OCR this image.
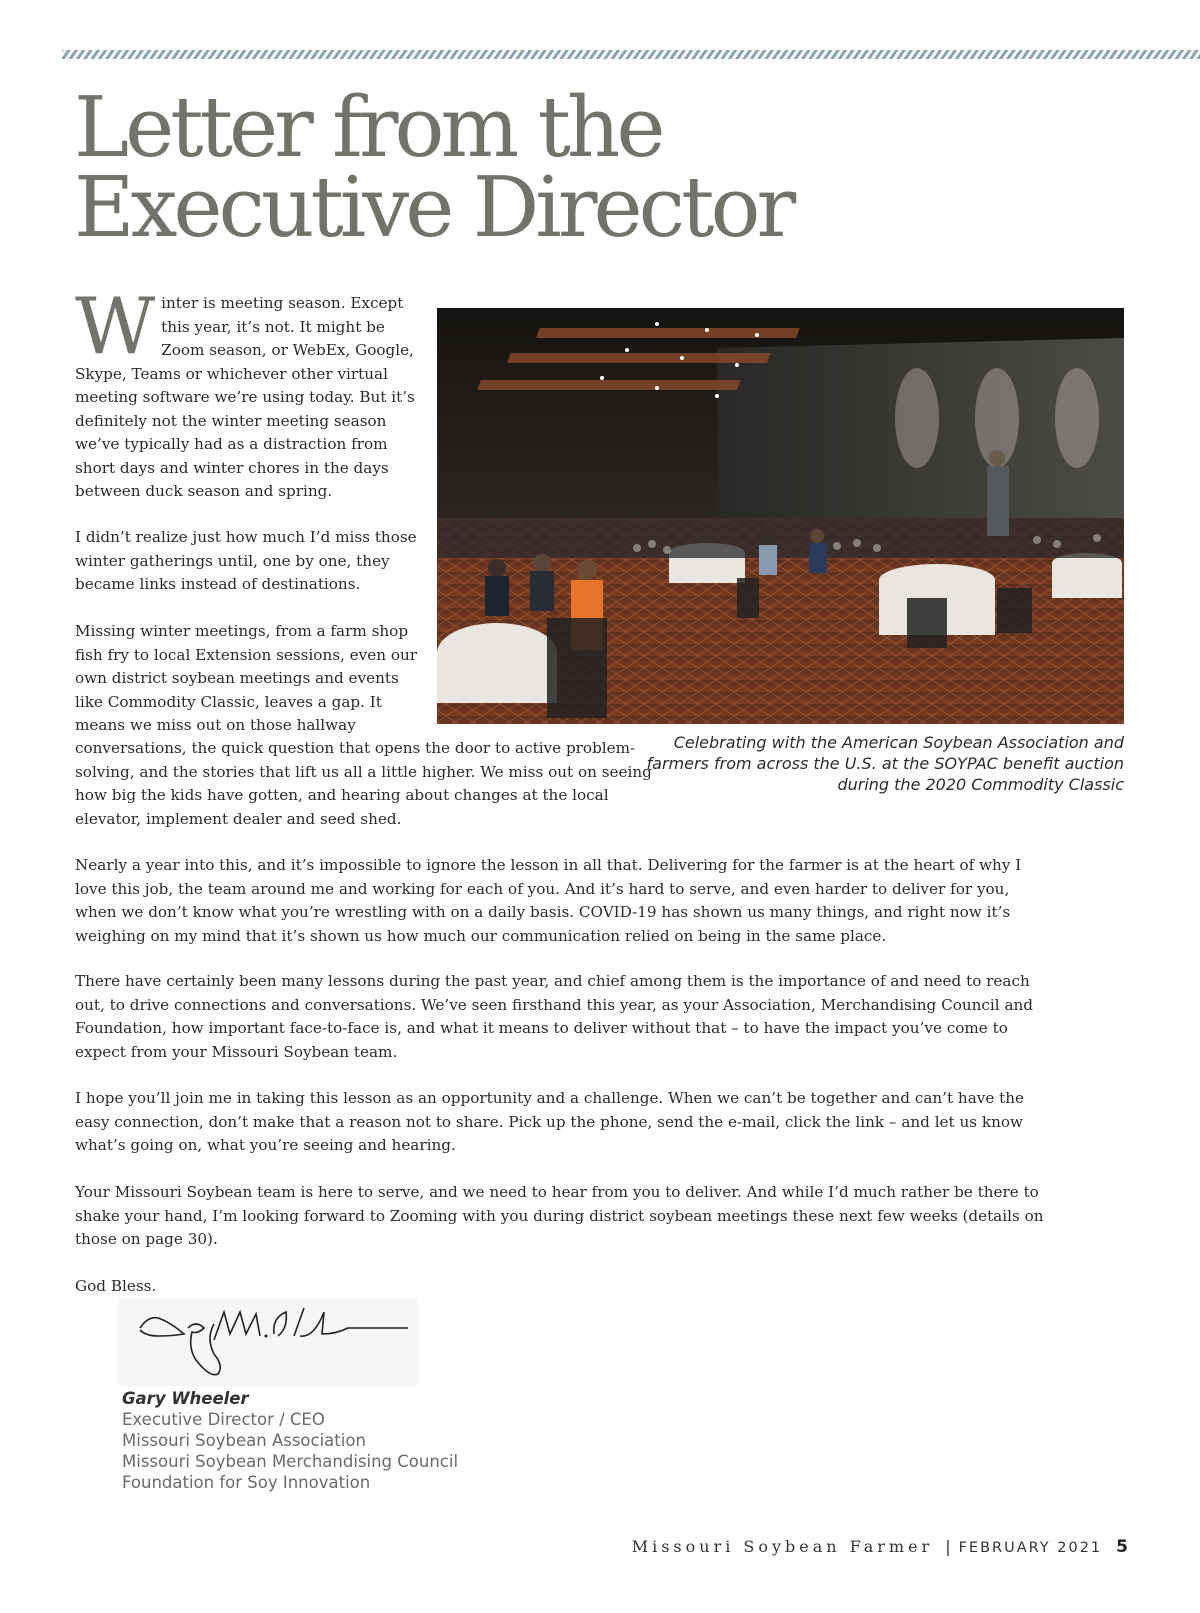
Letter from the
Executive Director
Celebrating with the American Soybean Association and farmers from across the U.S. at the SOYPAC benefit auction during the 2020 Commodity Classic
Winter is meeting season. Except this year, it’s not. It might be Zoom season, or WebEx, Google, Skype, Teams or whichever other virtual meeting software we’re using today. But it’s definitely not the winter meeting season we’ve typically had as a distraction from short days and winter chores in the days between duck season and spring.
I didn’t realize just how much I’d miss those winter gatherings until, one by one, they became links instead of destinations.
Missing winter meetings, from a farm shop fish fry to local Extension sessions, even our own district soybean meetings and events like Commodity Classic, leaves a gap. It means we miss out on those hallway
conversations, the quick question that opens the door to active problem-solving, and the stories that lift us all a little higher. We miss out on seeing how big the kids have gotten, and hearing about changes at the local elevator, implement dealer and seed shed.
Nearly a year into this, and it’s impossible to ignore the lesson in all that. Delivering for the farmer is at the heart of why I love this job, the team around me and working for each of you. And it’s hard to serve, and even harder to deliver for you, when we don’t know what you’re wrestling with on a daily basis. COVID-19 has shown us many things, and right now it’s weighing on my mind that it’s shown us how much our communication relied on being in the same place.
There have certainly been many lessons during the past year, and chief among them is the importance of and need to reach out, to drive connections and conversations. We’ve seen firsthand this year, as your Association, Merchandising Council and Foundation, how important face-to-face is, and what it means to deliver without that – to have the impact you’ve come to expect from your Missouri Soybean team.
I hope you’ll join me in taking this lesson as an opportunity and a challenge. When we can’t be together and can’t have the easy connection, don’t make that a reason not to share. Pick up the phone, send the e-mail, click the link – and let us know what’s going on, what you’re seeing and hearing.
Your Missouri Soybean team is here to serve, and we need to hear from you to deliver. And while I’d much rather be there to shake your hand, I’m looking forward to Zooming with you during district soybean meetings these next few weeks (details on those on page 30).
God Bless.
Gary Wheeler
Executive Director / CEO
Missouri Soybean Association
Missouri Soybean Merchandising Council
Foundation for Soy Innovation
Missouri Soybean Farmer | FEBRUARY 2021 5
